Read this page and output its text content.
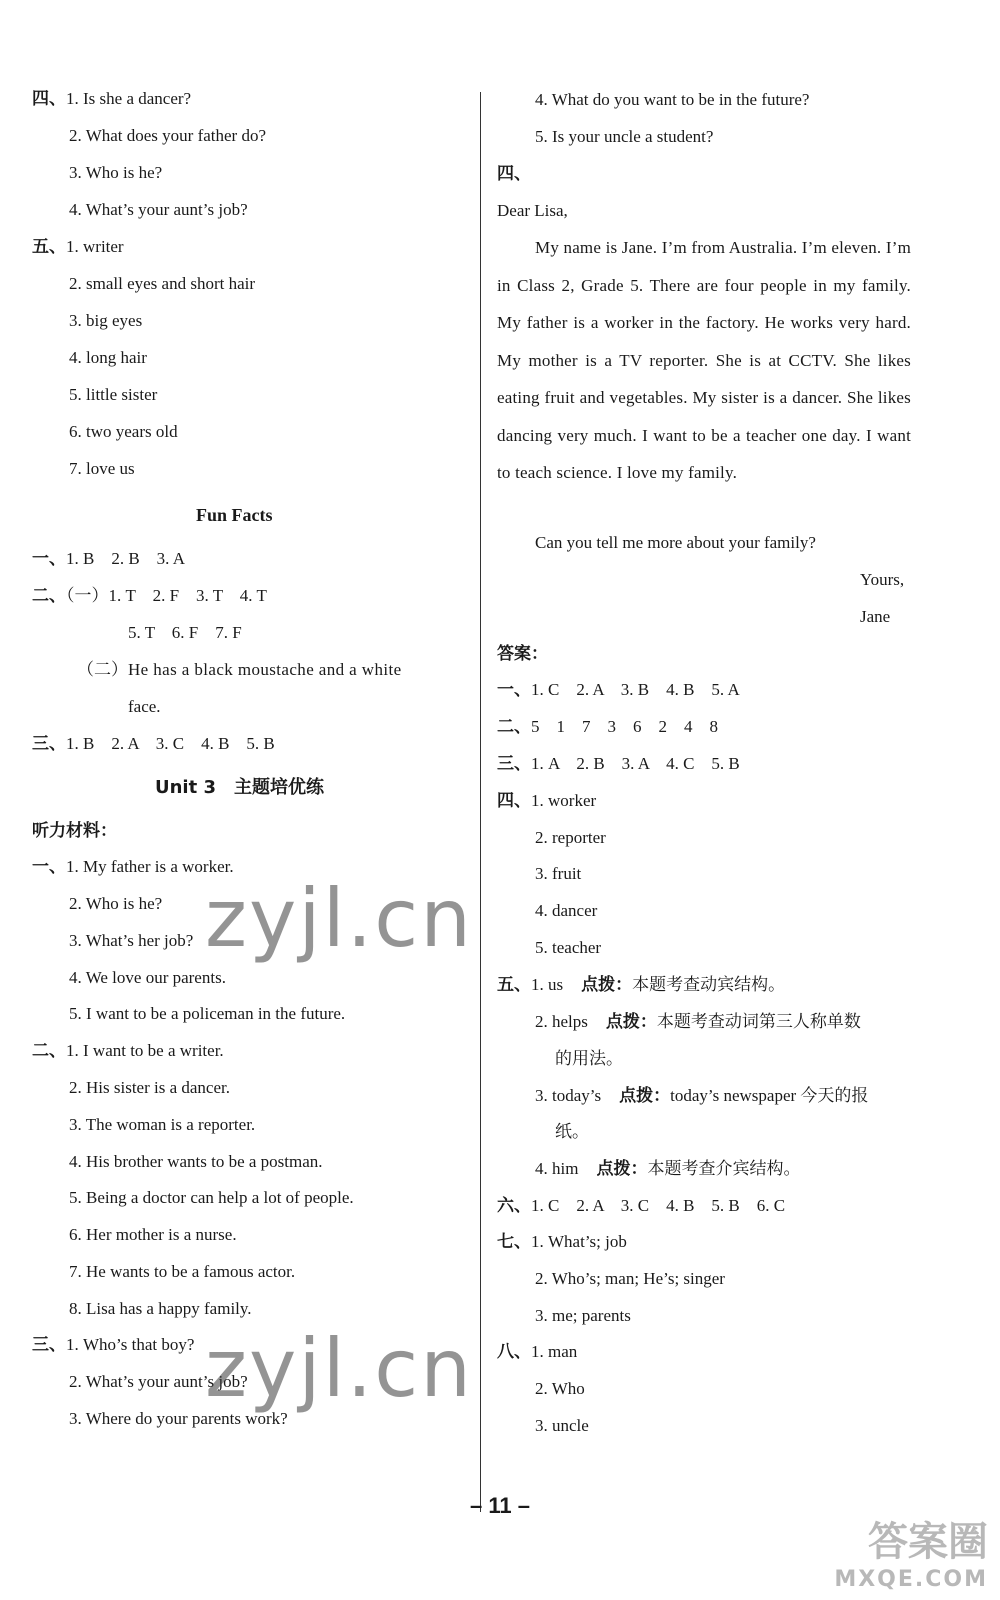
四、1. Is she a dancer?
2. What does your father do?
3. Who is he?
4. What’s your aunt’s job?
五、1. writer
2. small eyes and short hair
3. big eyes
4. long hair
5. little sister
6. two years old
7. love us
Fun Facts
一、1. B　2. B　3. A
二、（一）1. T　2. F　3. T　4. T
5. T　6. F　7. F
（二）He has a black moustache and a white
face.
三、1. B　2. A　3. C　4. B　5. B
Unit 3　主题培优练
听力材料：
一、1. My father is a worker.
2. Who is he?
3. What’s her job?
4. We love our parents.
5. I want to be a policeman in the future.
二、1. I want to be a writer.
2. His sister is a dancer.
3. The woman is a reporter.
4. His brother wants to be a postman.
5. Being a doctor can help a lot of people.
6. Her mother is a nurse.
7. He wants to be a famous actor.
8. Lisa has a happy family.
三、1. Who’s that boy?
2. What’s your aunt’s job?
3. Where do your parents work?
4. What do you want to be in the future?
5. Is your uncle a student?
四、
Dear Lisa,
My name is Jane. I’m from Australia. I’m eleven. I’m in Class 2, Grade 5. There are four people in my family. My father is a worker in the factory. He works very hard. My mother is a TV reporter. She is at CCTV. She likes eating fruit and vegetables. My sister is a dancer. She likes dancing very much. I want to be a teacher one day. I want to teach science. I love my family.
Can you tell me more about your family?
Yours,
Jane
答案：
一、1. C　2. A　3. B　4. B　5. A
二、5　1　7　3　6　2　4　8
三、1. A　2. B　3. A　4. C　5. B
四、1. worker
2. reporter
3. fruit
4. dancer
5. teacher
五、1. us 点拨：本题考查动宾结构。
2. helps 点拨：本题考查动词第三人称单数
的用法。
3. today’s 点拨：today’s newspaper 今天的报
纸。
4. him 点拨：本题考查介宾结构。
六、1. C　2. A　3. C　4. B　5. B　6. C
七、1. What’s; job
2. Who’s; man; He’s; singer
3. me; parents
八、1. man
2. Who
3. uncle
zyjl.cn
zyjl.cn
– 11 –
答案圈
MXQE.COM
